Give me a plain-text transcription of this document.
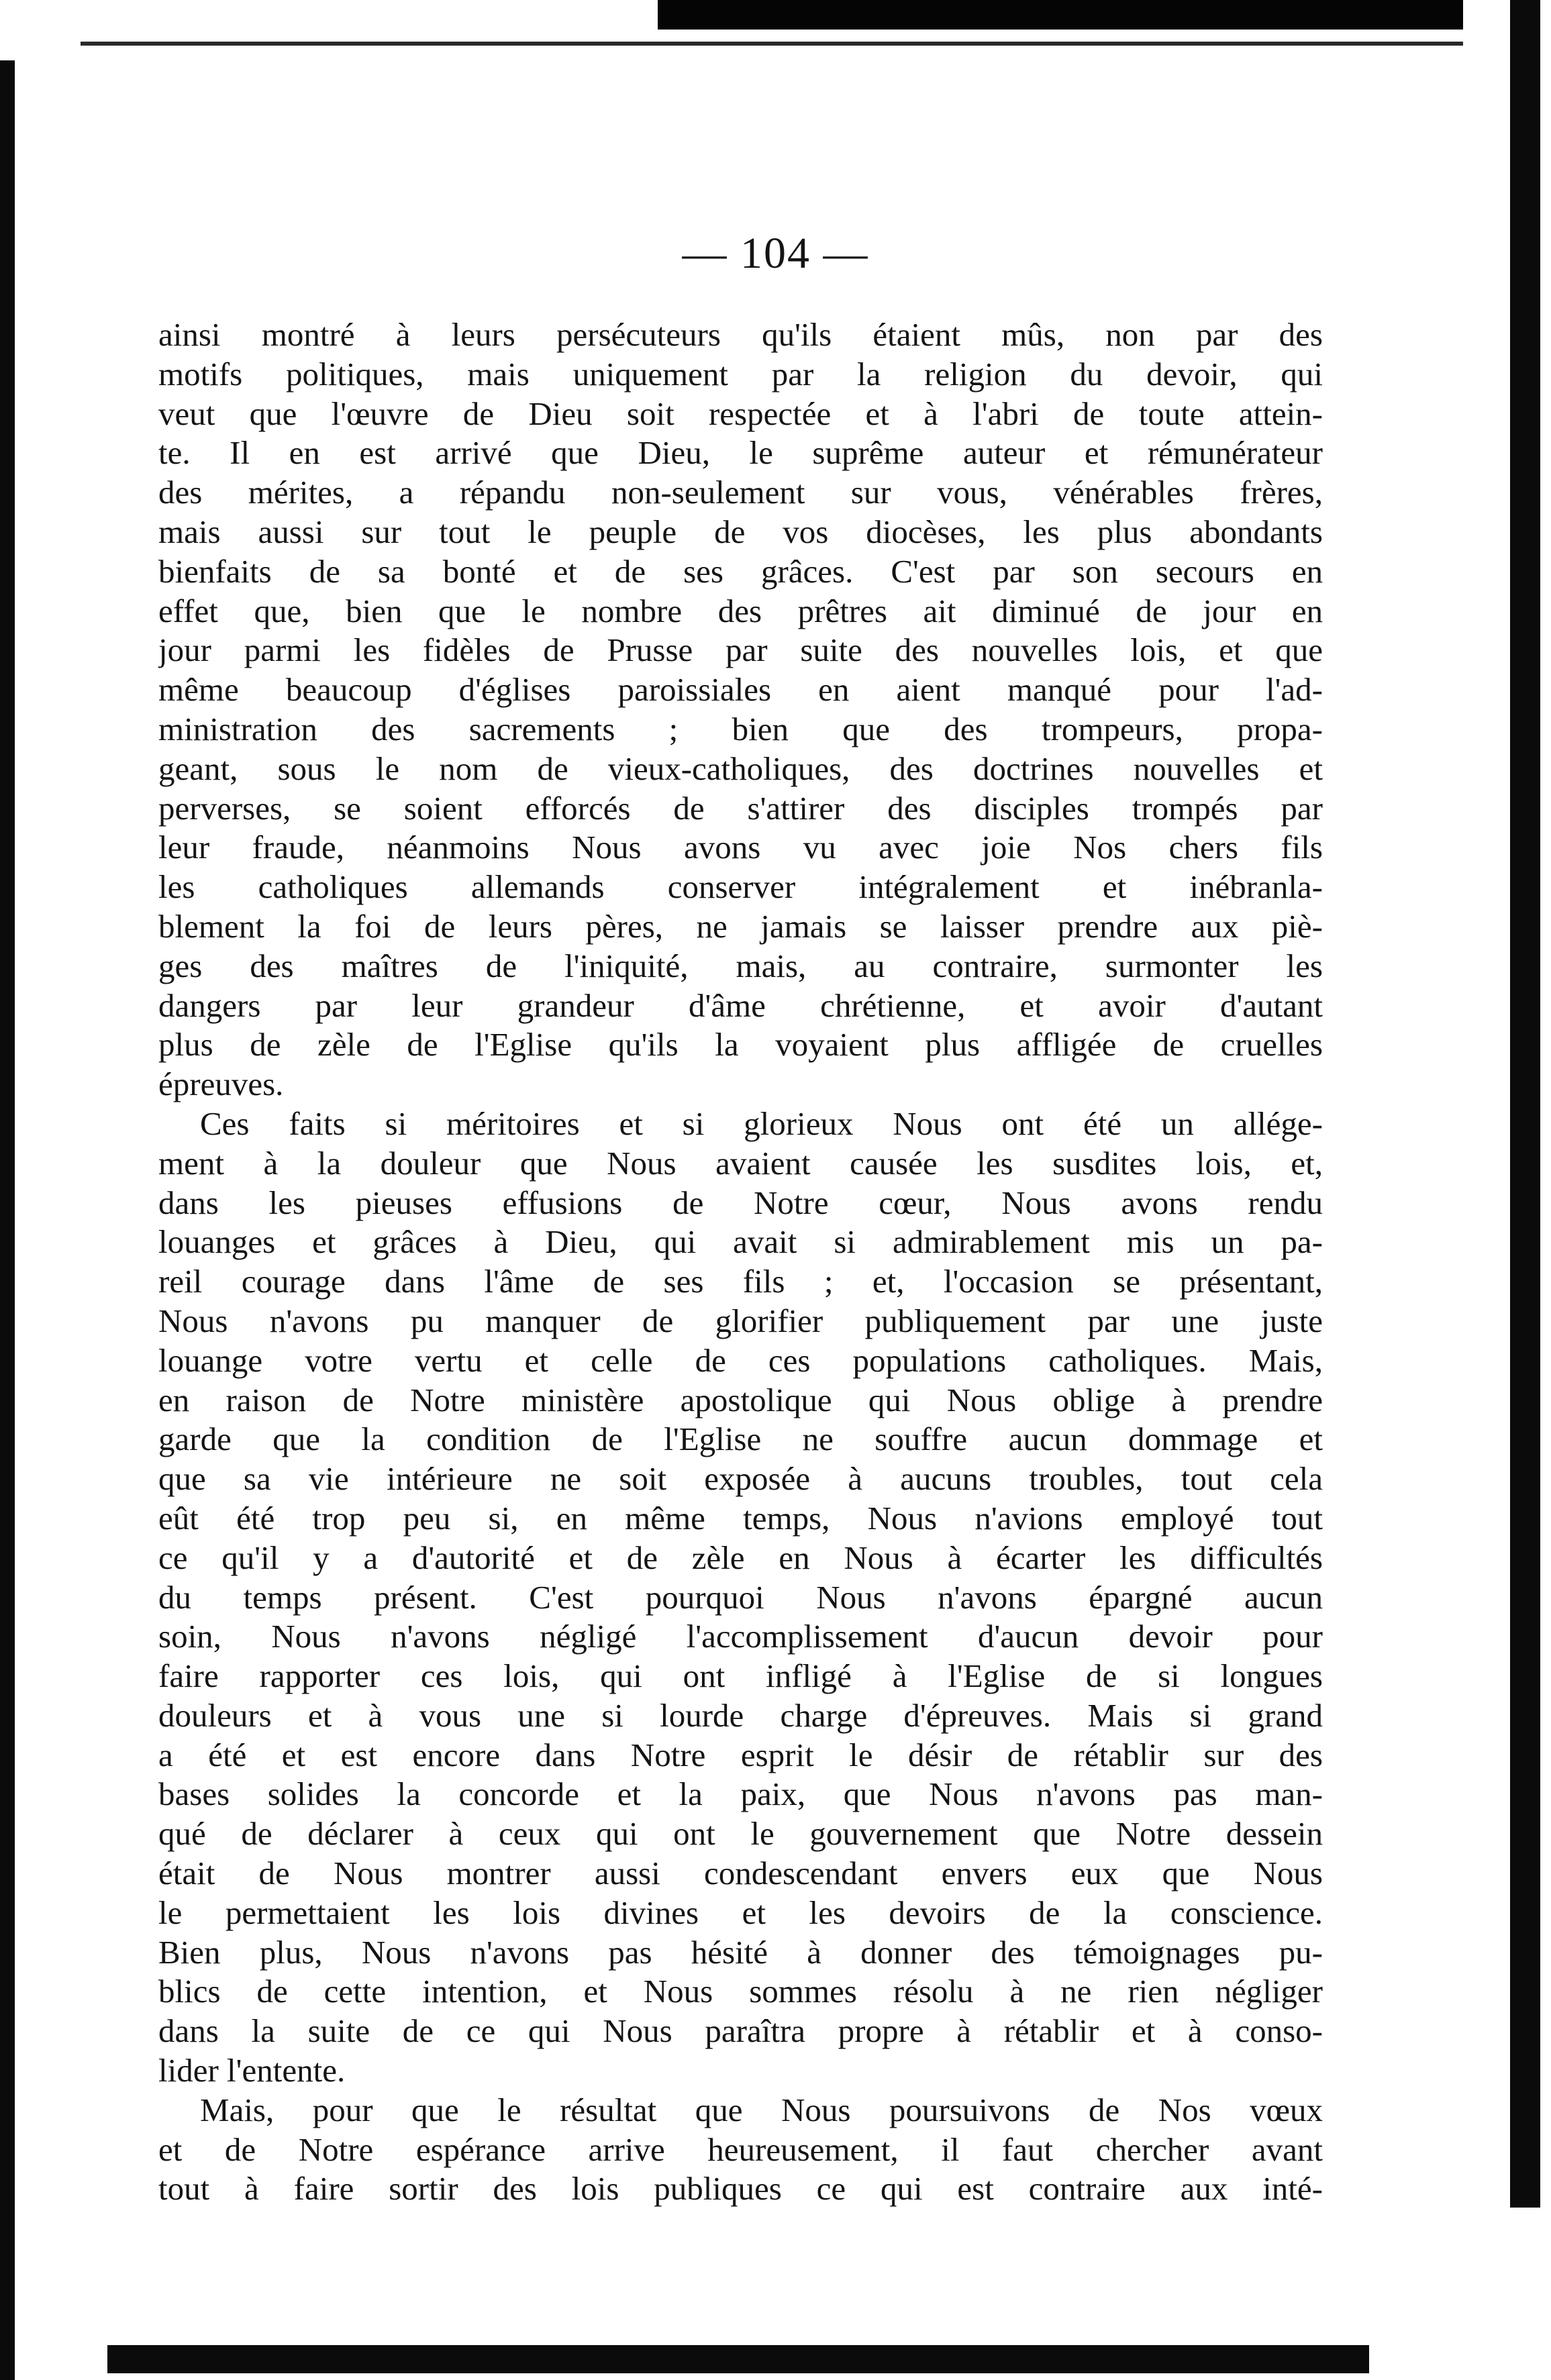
— 104 —
ainsi montré à leurs persécuteurs qu'ils étaient mûs, non par des
motifs politiques, mais uniquement par la religion du devoir, qui
veut que l'œuvre de Dieu soit respectée et à l'abri de toute attein-
te. Il en est arrivé que Dieu, le suprême auteur et rémunérateur
des mérites, a répandu non-seulement sur vous, vénérables frères,
mais aussi sur tout le peuple de vos diocèses, les plus abondants
bienfaits de sa bonté et de ses grâces. C'est par son secours en
effet que, bien que le nombre des prêtres ait diminué de jour en
jour parmi les fidèles de Prusse par suite des nouvelles lois, et que
même beaucoup d'églises paroissiales en aient manqué pour l'ad-
ministration des sacrements ; bien que des trompeurs, propa-
geant, sous le nom de vieux-catholiques, des doctrines nouvelles et
perverses, se soient efforcés de s'attirer des disciples trompés par
leur fraude, néanmoins Nous avons vu avec joie Nos chers fils
les catholiques allemands conserver intégralement et inébranla-
blement la foi de leurs pères, ne jamais se laisser prendre aux piè-
ges des maîtres de l'iniquité, mais, au contraire, surmonter les
dangers par leur grandeur d'âme chrétienne, et avoir d'autant
plus de zèle de l'Eglise qu'ils la voyaient plus affligée de cruelles
épreuves.
Ces faits si méritoires et si glorieux Nous ont été un allége-
ment à la douleur que Nous avaient causée les susdites lois, et,
dans les pieuses effusions de Notre cœur, Nous avons rendu
louanges et grâces à Dieu, qui avait si admirablement mis un pa-
reil courage dans l'âme de ses fils ; et, l'occasion se présentant,
Nous n'avons pu manquer de glorifier publiquement par une juste
louange votre vertu et celle de ces populations catholiques. Mais,
en raison de Notre ministère apostolique qui Nous oblige à prendre
garde que la condition de l'Eglise ne souffre aucun dommage et
que sa vie intérieure ne soit exposée à aucuns troubles, tout cela
eût été trop peu si, en même temps, Nous n'avions employé tout
ce qu'il y a d'autorité et de zèle en Nous à écarter les difficultés
du temps présent. C'est pourquoi Nous n'avons épargné aucun
soin, Nous n'avons négligé l'accomplissement d'aucun devoir pour
faire rapporter ces lois, qui ont infligé à l'Eglise de si longues
douleurs et à vous une si lourde charge d'épreuves. Mais si grand
a été et est encore dans Notre esprit le désir de rétablir sur des
bases solides la concorde et la paix, que Nous n'avons pas man-
qué de déclarer à ceux qui ont le gouvernement que Notre dessein
était de Nous montrer aussi condescendant envers eux que Nous
le permettaient les lois divines et les devoirs de la conscience.
Bien plus, Nous n'avons pas hésité à donner des témoignages pu-
blics de cette intention, et Nous sommes résolu à ne rien négliger
dans la suite de ce qui Nous paraîtra propre à rétablir et à conso-
lider l'entente.
Mais, pour que le résultat que Nous poursuivons de Nos vœux
et de Notre espérance arrive heureusement, il faut chercher avant
tout à faire sortir des lois publiques ce qui est contraire aux inté-
